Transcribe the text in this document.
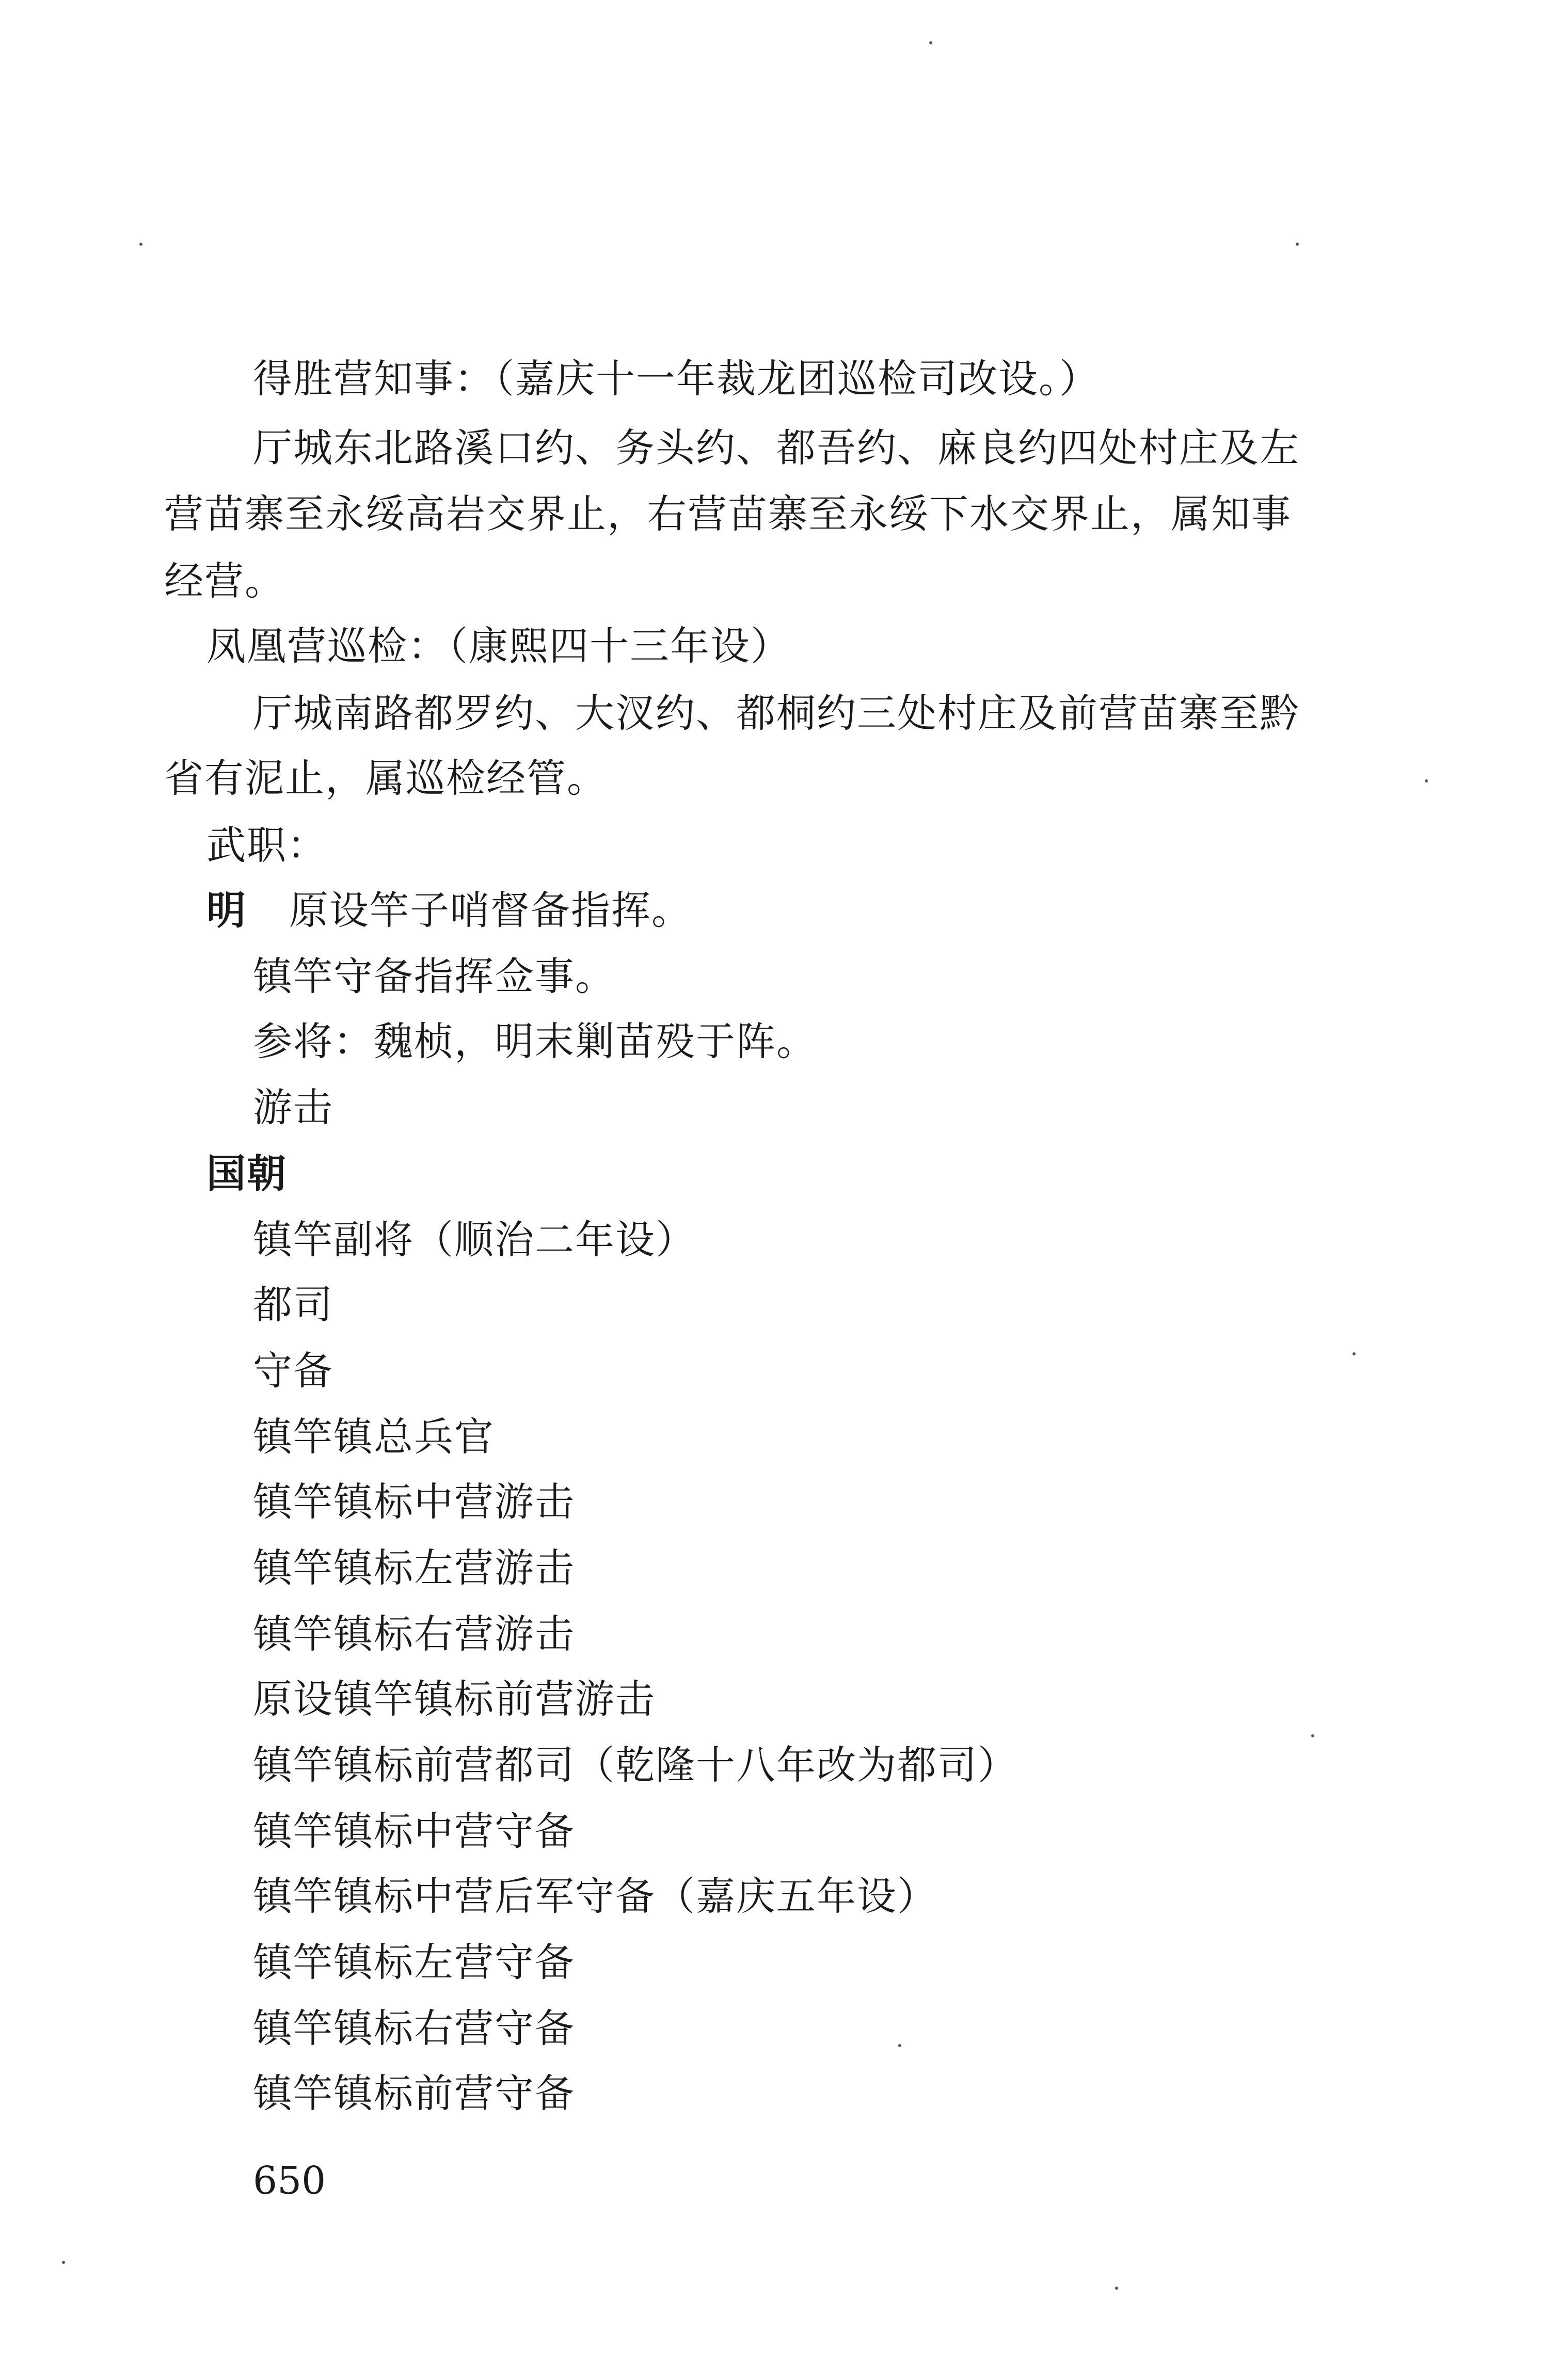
得胜营知事：（嘉庆十一年裁龙团巡检司改设。）
厅城东北路溪口约、务头约、都吾约、麻良约四处村庄及左
营苗寨至永绥高岩交界止，右营苗寨至永绥下水交界止，属知事
经营。
凤凰营巡检：（康熙四十三年设）
厅城南路都罗约、大汊约、都桐约三处村庄及前营苗寨至黔
省有泥止，属巡检经管。
武职：
明 原设竿子哨督备指挥。
镇竿守备指挥佥事。
参将：魏桢，明末剿苗殁于阵。
游击
国朝
镇竿副将（顺治二年设）
都司
守备
镇竿镇总兵官
镇竿镇标中营游击
镇竿镇标左营游击
镇竿镇标右营游击
原设镇竿镇标前营游击
镇竿镇标前营都司（乾隆十八年改为都司）
镇竿镇标中营守备
镇竿镇标中营后军守备（嘉庆五年设）
镇竿镇标左营守备
镇竿镇标右营守备
镇竿镇标前营守备
650
